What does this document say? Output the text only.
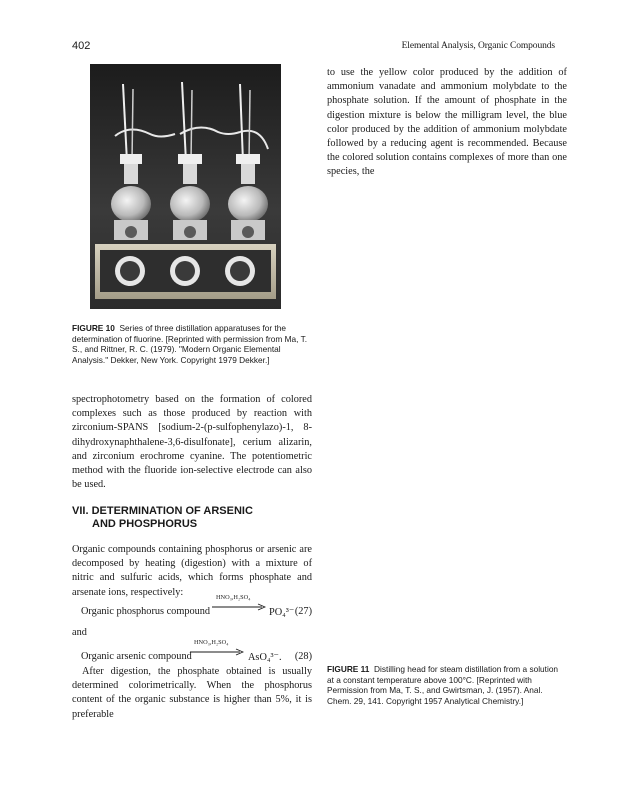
402	Elemental Analysis, Organic Compounds
FIGURE 10 Series of three distillation apparatuses for the determination of fluorine. [Reprinted with permission from Ma, T. S., and Rittner, R. C. (1979). "Modern Organic Elemental Analysis." Dekker, New York. Copyright 1979 Dekker.]
to use the yellow color produced by the addition of ammonium vanadate and ammonium molybdate to the phosphate solution. If the amount of phosphate in the digestion mixture is below the milligram level, the blue color produced by the addition of ammonium molybdate followed by a reducing agent is recommended. Because the colored solution contains complexes of more than one species, the
spectrophotometry based on the formation of colored complexes such as those produced by reaction with zirconium-SPANS [sodium-2-(p-sulfophenylazo)-1, 8-dihydroxynaphthalene-3,6-disulfonate], cerium alizarin, and zirconium erochrome cyanine. The potentiometric method with the fluoride ion-selective electrode can also be used.
VII. DETERMINATION OF ARSENIC
AND PHOSPHORUS
Organic compounds containing phosphorus or arsenic are decomposed by heating (digestion) with a mixture of nitric and sulfuric acids, which forms phosphate and arsenate ions, respectively:
Organic phosphorus compound
HNO₃,H₂SO₄
PO₄³⁻ (27)
and
Organic arsenic compound
HNO₃,H₂SO₄
AsO₄³⁻. (28)
After digestion, the phosphate obtained is usually determined colorimetrically. When the phosphorus content of the organic substance is higher than 5%, it is preferable
FIGURE 11 Distilling head for steam distillation from a solution at a constant temperature above 100°C. [Reprinted with Permission from Ma, T. S., and Gwirtsman, J. (1957). Anal. Chem. 29, 141. Copyright 1957 Analytical Chemistry.]
